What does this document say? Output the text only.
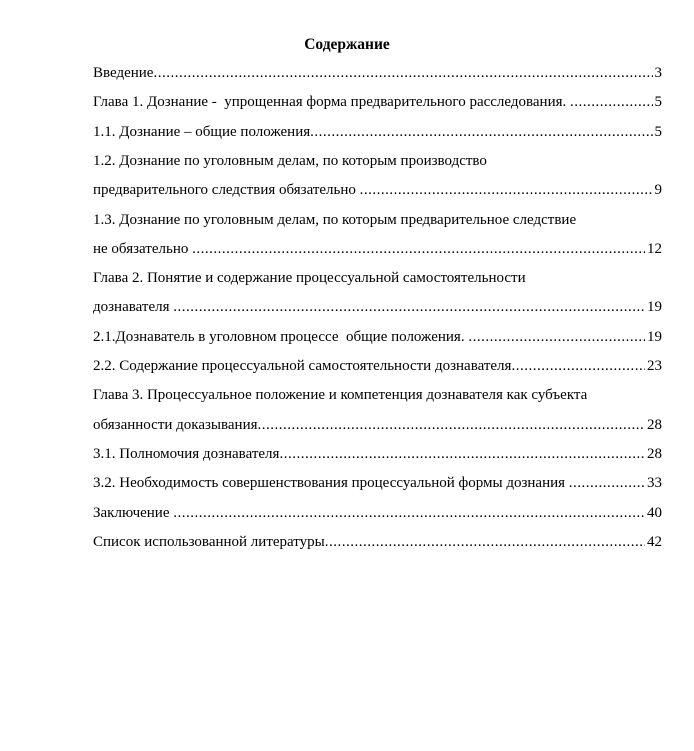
Содержание
Введение .....	3
Глава 1. Дознание -  упрощенная форма предварительного расследования. .....	5
1.1. Дознание – общие положения .....	5
1.2. Дознание по уголовным делам, по которым производство
предварительного следствия обязательно .....	9
1.3. Дознание по уголовным делам, по которым предварительное следствие
не обязательно .....	12
Глава 2. Понятие и содержание процессуальной самостоятельности
дознавателя .....	19
2.1.Дознаватель в уголовном процессе  общие положения. .....	19
2.2. Содержание процессуальной самостоятельности дознавателя .....	23
Глава 3. Процессуальное положение и компетенция дознавателя как субъекта
обязанности доказывания .....	28
3.1. Полномочия дознавателя .....	28
3.2. Необходимость совершенствования процессуальной формы дознания .....	33
Заключение .....	40
Список использованной литературы .....	42
